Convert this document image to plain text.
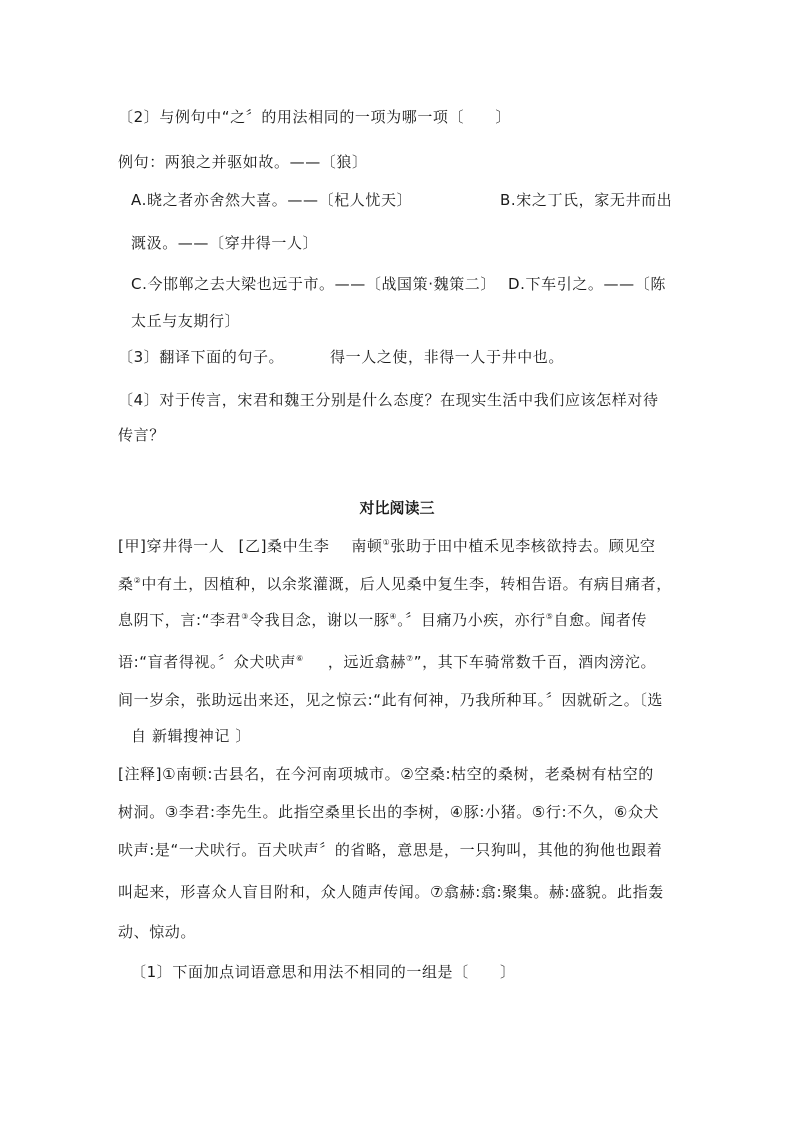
〔2〕与例句中“之〞的用法相同的一项为哪一项〔　　〕
例句：两狼之并驱如故。——〔狼〕
A.晓之者亦舍然大喜。——〔杞人忧天〕	B.宋之丁氏，家无井而出
溉汲。——〔穿井得一人〕
C.今邯郸之去大梁也远于市。——〔战国策·魏策二〕 D.下车引之。——〔陈
太丘与友期行〕
〔3〕翻译下面的句子。	得一人之使，非得一人于井中也。
〔4〕对于传言，宋君和魏王分别是什么态度？在现实生活中我们应该怎样对待
传言？
对比阅读三
[甲]穿井得一人 [乙]桑中生李 南顿①张助于田中植禾见李核欲持去。顾见空
桑②中有土，因植种，以余浆灌溉，后人见桑中复生李，转相告语。有病目痛者，
息阴下，言:“李君③令我目念，谢以一豚④。〞目痛乃小疾，亦行⑤自愈。闻者传
语:“盲者得视。〞众犬吠声⑥ ，远近翕赫⑦”，其下车骑常数千百，酒肉滂沱。
间一岁余，张助远出来还，见之惊云:“此有何神，乃我所种耳。〞因就斫之。〔选
自 新辑搜神记 〕
[注释]①南顿:古县名，在今河南项城市。②空桑:枯空的桑树，老桑树有枯空的
树洞。③李君:李先生。此指空桑里长出的李树，④豚:小猪。⑤行:不久，⑥众犬
吠声:是“一犬吠行。百犬吠声〞的省略，意思是，一只狗叫，其他的狗他也跟着
叫起来，形喜众人盲目附和，众人随声传闻。⑦翕赫:翕:聚集。赫:盛貌。此指轰
动、惊动。
〔1〕下面加点词语意思和用法不相同的一组是〔　　〕
